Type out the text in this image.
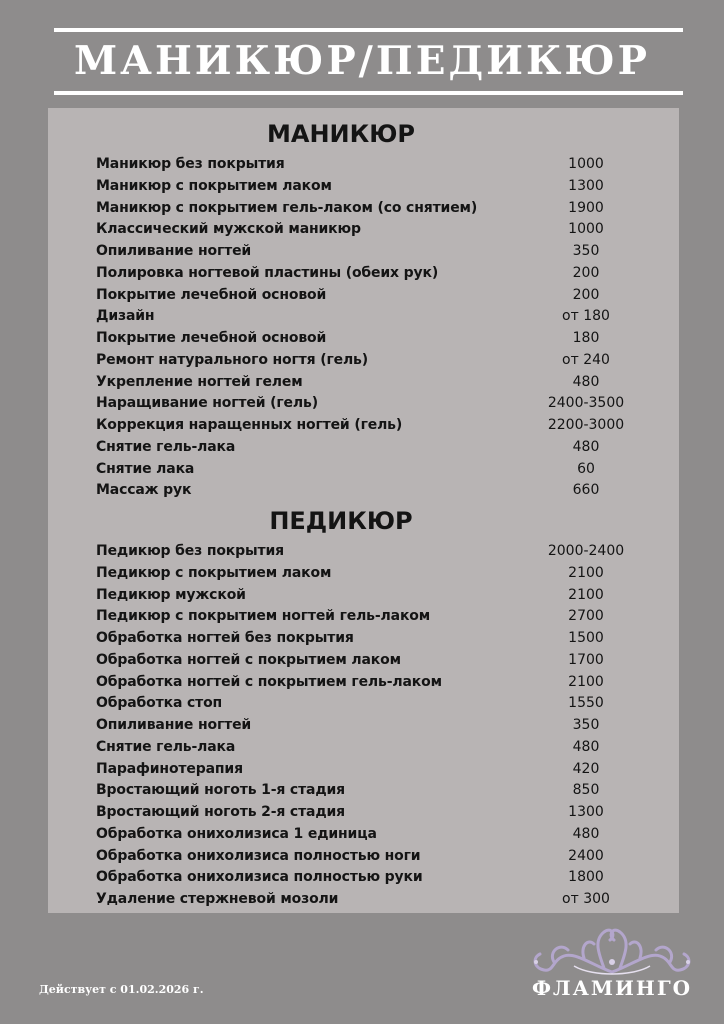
МАНИКЮР/ПЕДИКЮР
МАНИКЮР
Маникюр без покрытия	1000
Маникюр с покрытием лаком	1300
Маникюр с покрытием гель-лаком (со снятием)	1900
Классический мужской маникюр	1000
Опиливание ногтей	350
Полировка ногтевой пластины (обеих рук)	200
Покрытие лечебной основой	200
Дизайн	от 180
Покрытие лечебной основой	180
Ремонт натурального ногтя (гель)	от 240
Укрепление ногтей гелем	480
Наращивание ногтей (гель)	2400-3500
Коррекция наращенных ногтей (гель)	2200-3000
Снятие гель-лака	480
Снятие лака	60
Массаж рук	660
ПЕДИКЮР
Педикюр без покрытия	2000-2400
Педикюр с покрытием лаком	2100
Педикюр мужской	2100
Педикюр с покрытием ногтей гель-лаком	2700
Обработка ногтей без покрытия	1500
Обработка ногтей с покрытием лаком	1700
Обработка ногтей с покрытием гель-лаком	2100
Обработка стоп	1550
Опиливание ногтей	350
Снятие гель-лака	480
Парафинотерапия	420
Вростающий ноготь 1-я стадия	850
Вростающий ноготь 2-я стадия	1300
Обработка онихолизиса 1 единица	480
Обработка онихолизиса полностью ноги	2400
Обработка онихолизиса полностью руки	1800
Удаление стержневой мозоли	от 300
Действует с 01.02.2026 г.	ФЛАМИНГО
